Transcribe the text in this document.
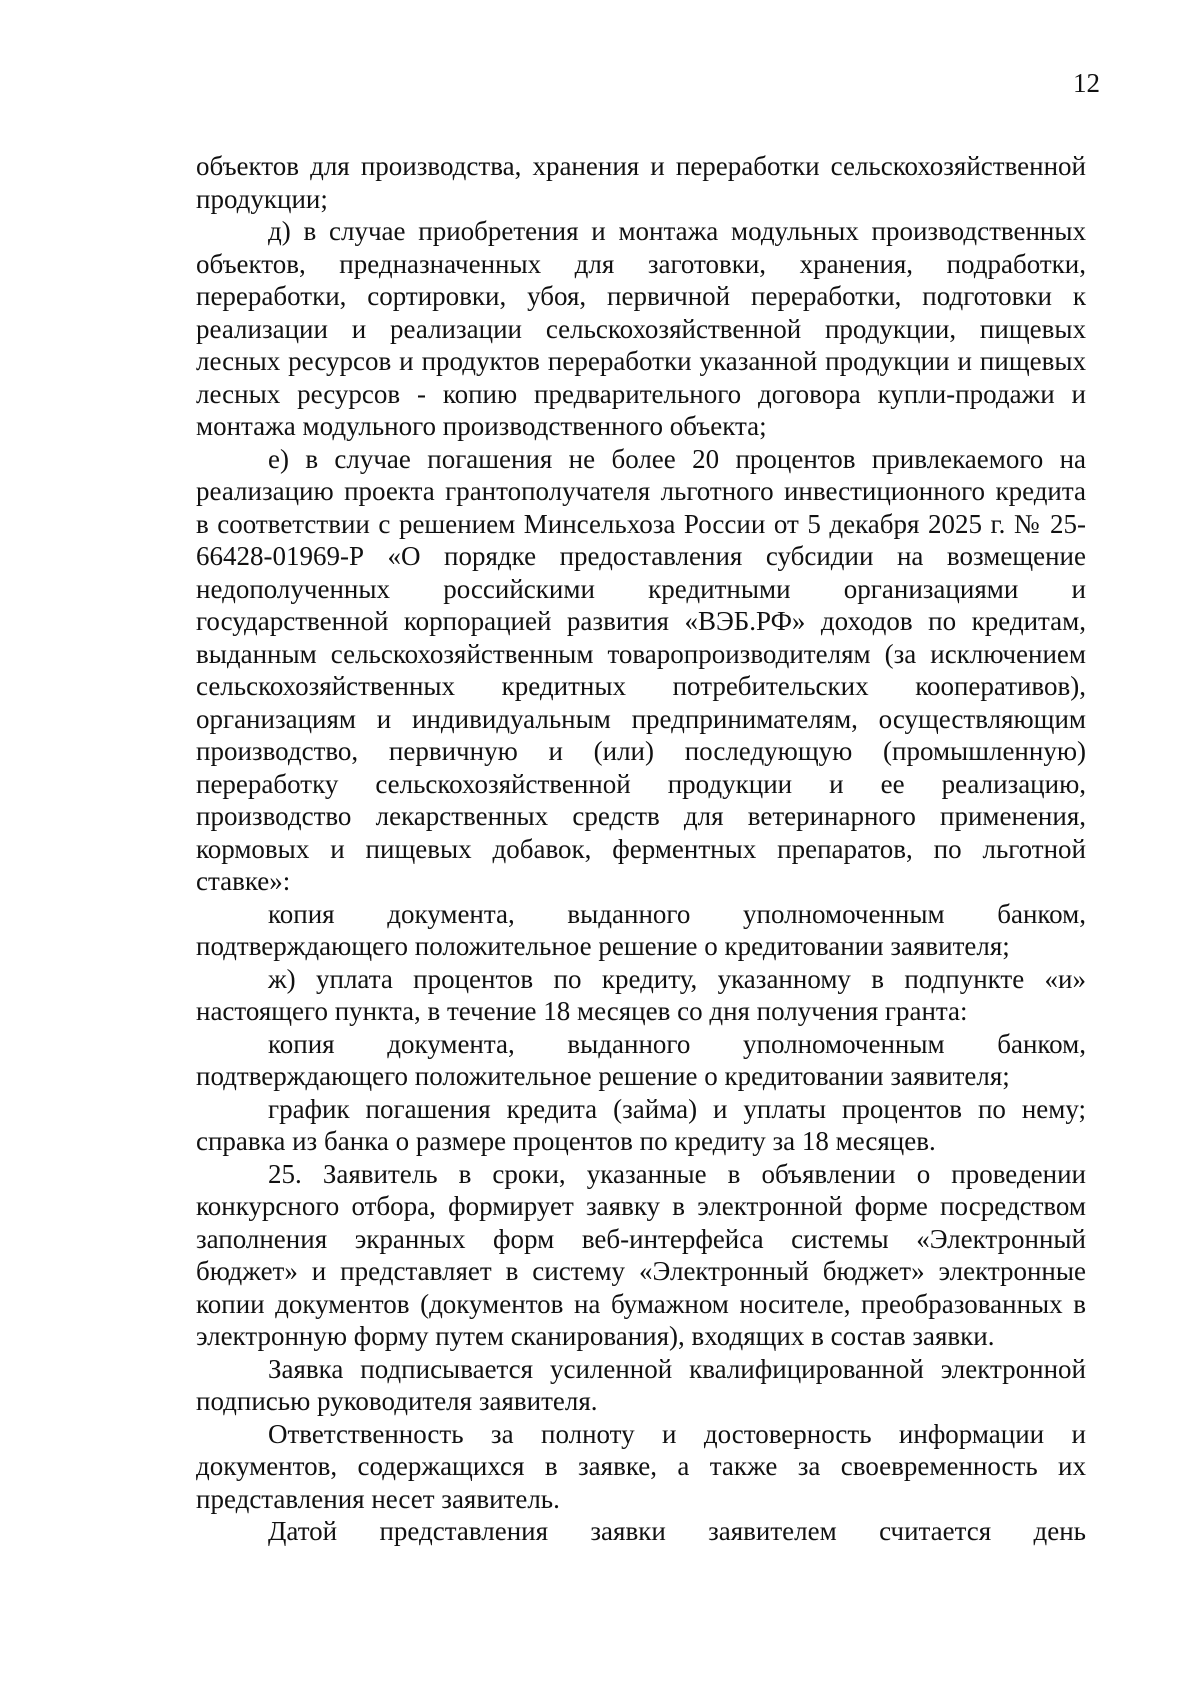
12

объектов для производства, хранения и переработки сельскохозяйственной продукции;

д) в случае приобретения и монтажа модульных производственных объектов, предназначенных для заготовки, хранения, подработки, переработки, сортировки, убоя, первичной переработки, подготовки к реализации и реализации сельскохозяйственной продукции, пищевых лесных ресурсов и продуктов переработки указанной продукции и пищевых лесных ресурсов - копию предварительного договора купли-продажи и монтажа модульного производственного объекта;

е) в случае погашения не более 20 процентов привлекаемого на реализацию проекта грантополучателя льготного инвестиционного кредита в соответствии с решением Минсельхоза России от 5 декабря 2025 г. № 25-66428-01969-Р «О порядке предоставления субсидии на возмещение недополученных российскими кредитными организациями и государственной корпорацией развития «ВЭБ.РФ» доходов по кредитам, выданным сельскохозяйственным товаропроизводителям (за исключением сельскохозяйственных кредитных потребительских кооперативов), организациям и индивидуальным предпринимателям, осуществляющим производство, первичную и (или) последующую (промышленную) переработку сельскохозяйственной продукции и ее реализацию, производство лекарственных средств для ветеринарного применения, кормовых и пищевых добавок, ферментных препаратов, по льготной ставке»:

копия документа, выданного уполномоченным банком, подтверждающего положительное решение о кредитовании заявителя;

ж) уплата процентов по кредиту, указанному в подпункте «и» настоящего пункта, в течение 18 месяцев со дня получения гранта:

копия документа, выданного уполномоченным банком, подтверждающего положительное решение о кредитовании заявителя;

график погашения кредита (займа) и уплаты процентов по нему; справка из банка о размере процентов по кредиту за 18 месяцев.

25. Заявитель в сроки, указанные в объявлении о проведении конкурсного отбора, формирует заявку в электронной форме посредством заполнения экранных форм веб-интерфейса системы «Электронный бюджет» и представляет в систему «Электронный бюджет» электронные копии документов (документов на бумажном носителе, преобразованных в электронную форму путем сканирования), входящих в состав заявки.

Заявка подписывается усиленной квалифицированной электронной подписью руководителя заявителя.

Ответственность за полноту и достоверность информации и документов, содержащихся в заявке, а также за своевременность их представления несет заявитель.

Датой представления заявки заявителем считается день
